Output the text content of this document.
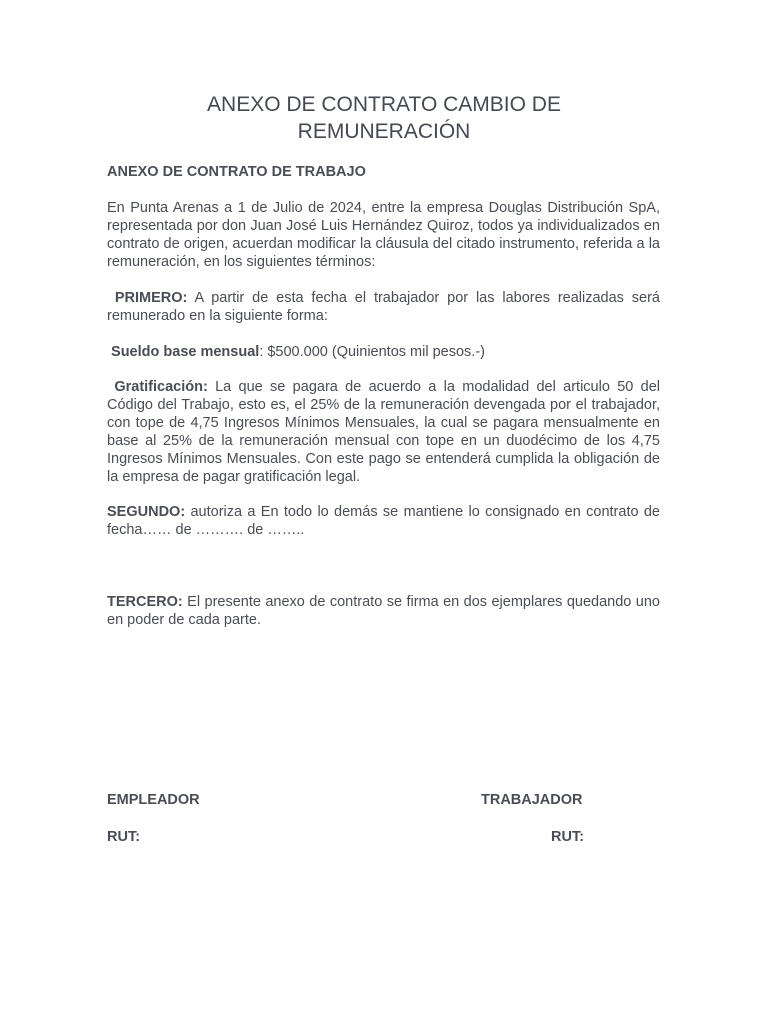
ANEXO DE CONTRATO CAMBIO DE
REMUNERACIÓN
ANEXO DE CONTRATO DE TRABAJO

En Punta Arenas a 1 de Julio de 2024, entre la empresa Douglas Distribución SpA, representada por don Juan José Luis Hernández Quiroz, todos ya individualizados en contrato de origen, acuerdan modificar la cláusula del citado instrumento, referida a la remuneración, en los siguientes términos:

PRIMERO: A partir de esta fecha el trabajador por las labores realizadas será remunerado en la siguiente forma:

Sueldo base mensual: $500.000 (Quinientos mil pesos.-)

Gratificación: La que se pagara de acuerdo a la modalidad del articulo 50 del Código del Trabajo, esto es, el 25% de la remuneración devengada por el trabajador, con tope de 4,75 Ingresos Mínimos Mensuales, la cual se pagara mensualmente en base al 25% de la remuneración mensual con tope en un duodécimo de los 4,75 Ingresos Mínimos Mensuales. Con este pago se entenderá cumplida la obligación de la empresa de pagar gratificación legal.

SEGUNDO: autoriza a En todo lo demás se mantiene lo consignado en contrato de fecha…… de ………. de ……..

TERCERO: El presente anexo de contrato se firma en dos ejemplares quedando uno en poder de cada parte.

EMPLEADOR	TRABAJADOR
RUT:	RUT:
